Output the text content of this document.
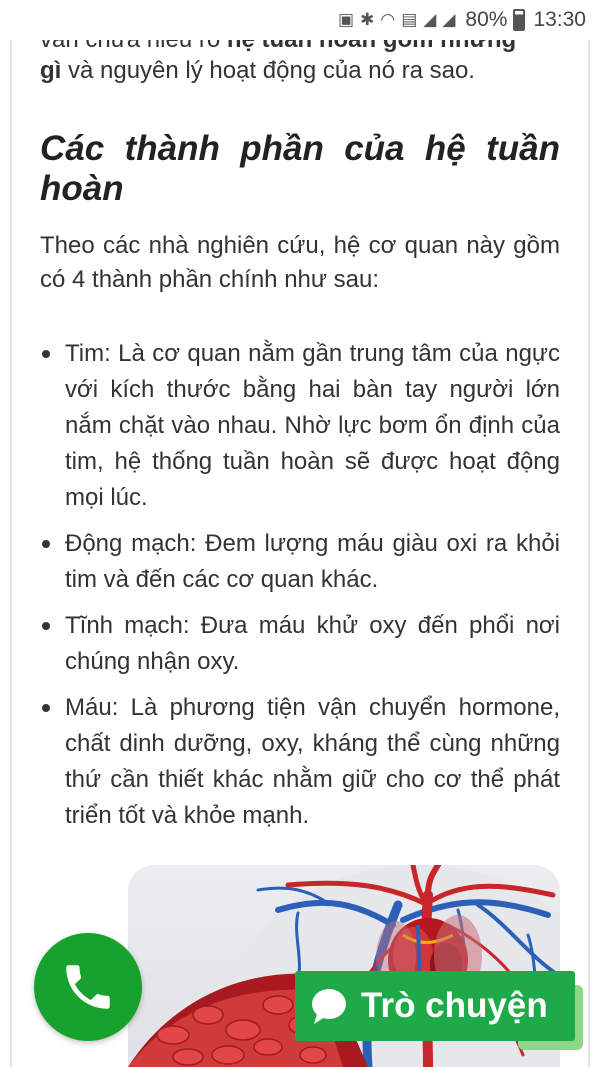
▣ ✱ ◠ ▤ ◢ ◢ 80% 13:30

gì và nguyên lý hoạt động của nó ra sao.

Các thành phần của hệ tuần hoàn

Theo các nhà nghiên cứu, hệ cơ quan này gồm có 4 thành phần chính như sau:

Tim: Là cơ quan nằm gần trung tâm của ngực với kích thước bằng hai bàn tay người lớn nắm chặt vào nhau. Nhờ lực bơm ổn định của tim, hệ thống tuần hoàn sẽ được hoạt động mọi lúc.
Động mạch: Đem lượng máu giàu oxi ra khỏi tim và đến các cơ quan khác.
Tĩnh mạch: Đưa máu khử oxy đến phổi nơi chúng nhận oxy.
Máu: Là phương tiện vận chuyển hormone, chất dinh dưỡng, oxy, kháng thể cùng những thứ cần thiết khác nhằm giữ cho cơ thể phát triển tốt và khỏe mạnh.
Trò chuyện
